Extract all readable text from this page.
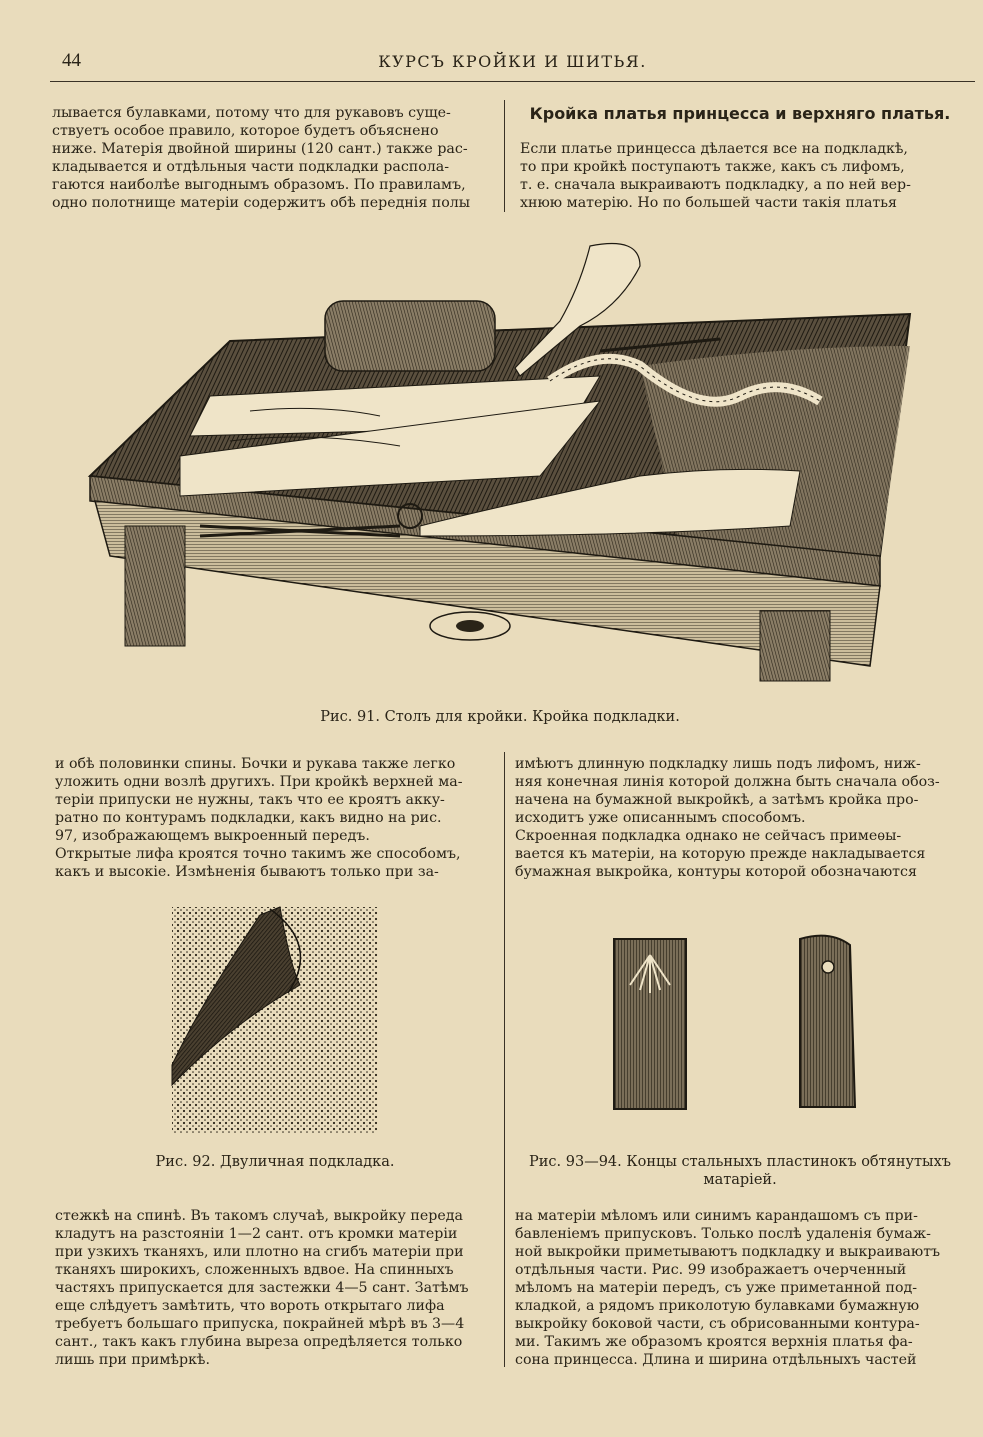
44	КУРСЪ КРОЙКИ И ШИТЬЯ.
лывается булавками, потому что для рукавовъ суще-
ствуетъ особое правило, которое будетъ объяснено
ниже. Матерія двойной ширины (120 сант.) также рас-
кладывается и отдѣльныя части подкладки распола-
гаются наиболѣе выгоднымъ образомъ. По правиламъ,
одно полотнище матеріи содержитъ обѣ переднія полы
Кройка платья принцесса и верхняго платья.
Если платье принцесса дѣлается все на подкладкѣ,
то при кройкѣ поступаютъ также, какъ съ лифомъ,
т. е. сначала выкраиваютъ подкладку, а по ней вер-
хнюю матерію. Но по большей части такія платья
Рис. 91. Столъ для кройки. Кройка подкладки.
и обѣ половинки спины. Бочки и рукава также легко
уложить одни возлѣ другихъ. При кройкѣ верхней ма-
теріи припуски не нужны, такъ что ее кроятъ акку-
ратно по контурамъ подкладки, какъ видно на рис.
97, изображающемъ выкроенный передъ.
Открытые лифа кроятся точно такимъ же способомъ,
какъ и высокіе. Измѣненія бываютъ только при за-
имѣютъ длинную подкладку лишь подъ лифомъ, ниж-
няя конечная линія которой должна быть сначала обоз-
начена на бумажной выкройкѣ, а затѣмъ кройка про-
исходитъ уже описаннымъ способомъ.
Скроенная подкладка однако не сейчасъ примеѳы-
вается къ матеріи, на которую прежде накладывается
бумажная выкройка, контуры которой обозначаются
Рис. 92. Двуличная подкладка.	Рис. 93—94. Концы стальныхъ пластинокъ обтянутыхъ
матаріей.
стежкѣ на спинѣ. Въ такомъ случаѣ, выкройку переда
кладутъ на разстояніи 1—2 сант. отъ кромки матеріи
при узкихъ тканяхъ, или плотно на сгибъ матеріи при
тканяхъ широкихъ, сложенныхъ вдвое. На спинныхъ
частяхъ припускается для застежки 4—5 сант. Затѣмъ
еще слѣдуетъ замѣтить, что вороть открытаго лифа
требуетъ большаго припуска, покрайней мѣрѣ въ 3—4
сант., такъ какъ глубина выреза опредѣляется только
лишь при примѣркѣ.
на матеріи мѣломъ или синимъ карандашомъ съ при-
бавленіемъ припусковъ. Только послѣ удаленія бумаж-
ной выкройки приметываютъ подкладку и выкраиваютъ
отдѣльныя части. Рис. 99 изображаетъ очерченный
мѣломъ на матеріи передъ, съ уже приметанной под-
кладкой, а рядомъ приколотую булавками бумажную
выкройку боковой части, съ обрисованными контура-
ми. Такимъ же образомъ кроятся верхнія платья фа-
сона принцесса. Длина и ширина отдѣльныхъ частей
